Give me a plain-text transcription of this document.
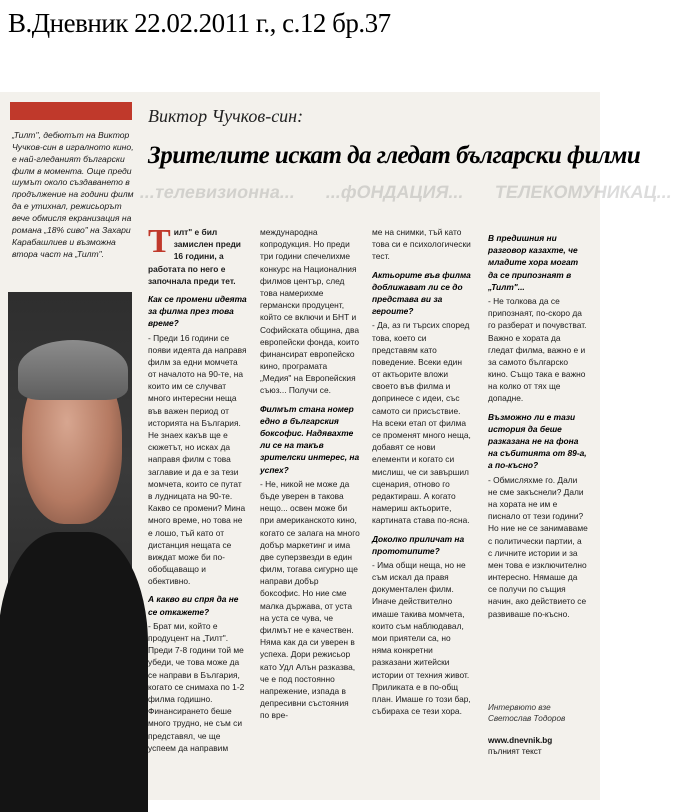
В.Дневник 22.02.2011 г., с.12 бр.37
Виктор Чучков-син:
Зрителите искат да гледат български филми
...телевизионна... ...фОНДАЦИЯ... ТЕЛЕКОМУНИКАЦ...
„Тилт", дебютът на Виктор Чучков-син в игралното кино, е най-гледаният български филм в момента. Още преди шумът около създаването в продължение на години филм да е утихнал, режисьорът вече обмисля екранизация на романа „18% сиво" на Захари Карабашлиев и възможна втора част на „Тилт".	Тилт" е бил замислен преди 16 години, а работата по него е започнала преди тет.

Как се промени идеята за филма през това време?

- Преди 16 години се появи идеята да направя филм за едни момчета от началото на 90-те, на които им се случват много интересни неща във важен период от историята на България. Не знаех какъв ще е сюжетът, но исках да направя филм с това заглавие и да е за тези момчета, които се путат в лудницата на 90-те. Какво се промени? Мина много време, но това не е лошо, тъй като от дистанция нещата се виждат може би по-обобщаващо и обективно.

А какво ви спря да не се откажете?

- Брат ми, който е продуцент на „Тилт". Преди 7-8 години той ме убеди, че това може да се направи в България, когато се снимаха по 1-2 филма годишно. Финансирането беше много трудно, не съм си представял, че ще успеем да направим

международна копродукция. Но преди три години спечелихме конкурс на Националния филмов център, след това намерихме германски продуцент, който се включи и БНТ и Софийската община, два европейски фонда, които финансират европейско кино, програмата „Медия" на Европейския съюз... Получи се.

Филмът стана номер едно в българския боксофис. Надявахте ли се на такъв зрителски интерес, на успех?

- Не, никой не може да бъде уверен в такова нещо... освен може би при американското кино, когато се залага на много добър маркетинг и има две суперзвезди в един филм, тогава сигурно ще направи добър боксофис. Но ние сме малка държава, от уста на уста се чува, че филмът не е качествен. Няма как да си уверен в успеха. Дори режисьор като Удл Алън разказва, че е под постоянно напрежение, изпада в депресивни състояния по вре-

ме на снимки, тъй като това си е психологически тест.

Актьорите във филма доближават ли се до представа ви за героите?

- Да, аз ги търсих според това, което си представям като поведение. Всеки един от актьорите вложи своето във филма и допринесе с идеи, със самото си присъствие. На всеки етап от филма се променят много неща, добавят се нови елементи и когато си мислиш, че си завършил сценария, отново го редактираш. А когато намериш актьорите, картината става по-ясна.

Доколко приличат на прототипите?

- Има общи неща, но не съм искал да правя документален филм. Иначе действително имаше такива момчета, които съм наблюдавал, мои приятели са, но няма конкретни разказани житейски истории от техния живот. Приликата е в по-общ план. Имаше го този бар, събираха се тези хора.

В предишния ни разговор казахте, че младите хора могат да се припознаят в „Тилт"...

- Не толкова да се припознаят, по-скоро да го разберат и почувстват. Важно е хората да гледат филма, важно е и за самото българско кино. Също така е важно на колко от тях ще допадне.

Възможно ли е тази история да беше разказана не на фона на събитията от 89-а, а по-късно?

- Обмисляхме го. Дали не сме закъснели? Дали на хората не им е писнало от тези години? Но ние не се занимаваме с политически партии, а с личните истории и за мен това е изключително интересно. Нямаше да се получи по същия начин, ако действието се развиваше по-късно.

Интервюто взе Светослав Тодоров
www.dnevnik.bg
пълният текст
